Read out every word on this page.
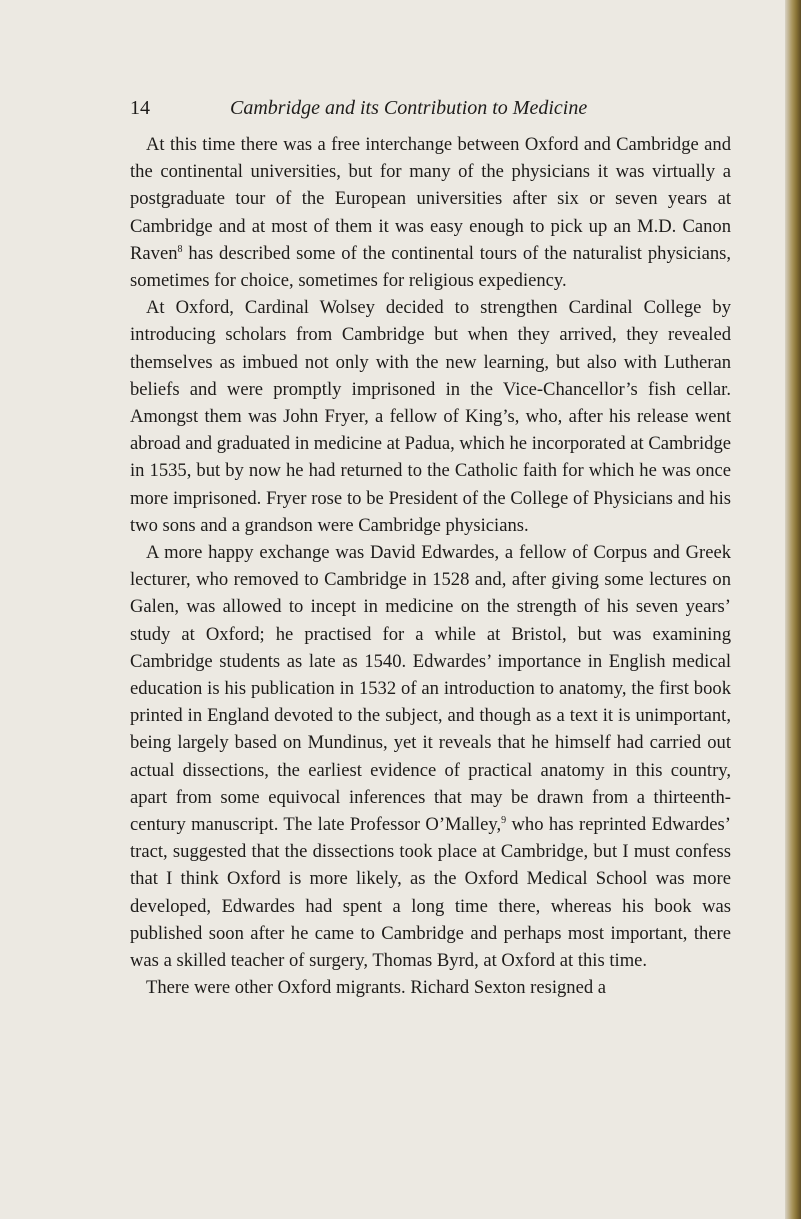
14	Cambridge and its Contribution to Medicine

At this time there was a free interchange between Oxford and Cambridge and the continental universities, but for many of the physicians it was virtually a postgraduate tour of the European universities after six or seven years at Cambridge and at most of them it was easy enough to pick up an M.D. Canon Raven$^8$ has described some of the continental tours of the naturalist physicians, sometimes for choice, sometimes for religious expediency.

At Oxford, Cardinal Wolsey decided to strengthen Cardinal College by introducing scholars from Cambridge but when they arrived, they revealed themselves as imbued not only with the new learning, but also with Lutheran beliefs and were promptly imprisoned in the Vice-Chancellor’s fish cellar. Amongst them was John Fryer, a fellow of King’s, who, after his release went abroad and graduated in medicine at Padua, which he incorporated at Cambridge in 1535, but by now he had returned to the Catholic faith for which he was once more imprisoned. Fryer rose to be President of the College of Physicians and his two sons and a grandson were Cambridge physicians.

A more happy exchange was David Edwardes, a fellow of Corpus and Greek lecturer, who removed to Cambridge in 1528 and, after giving some lectures on Galen, was allowed to incept in medicine on the strength of his seven years’ study at Oxford; he practised for a while at Bristol, but was examining Cambridge students as late as 1540. Edwardes’ importance in English medical education is his publication in 1532 of an introduction to anatomy, the first book printed in England devoted to the subject, and though as a text it is unimportant, being largely based on Mundinus, yet it reveals that he himself had carried out actual dissections, the earliest evidence of practical anatomy in this country, apart from some equivocal inferences that may be drawn from a thirteenth-century manuscript. The late Professor O’Malley,$^9$ who has reprinted Edwardes’ tract, suggested that the dissections took place at Cambridge, but I must confess that I think Oxford is more likely, as the Oxford Medical School was more developed, Edwardes had spent a long time there, whereas his book was published soon after he came to Cambridge and perhaps most important, there was a skilled teacher of surgery, Thomas Byrd, at Oxford at this time.

There were other Oxford migrants. Richard Sexton resigned a
